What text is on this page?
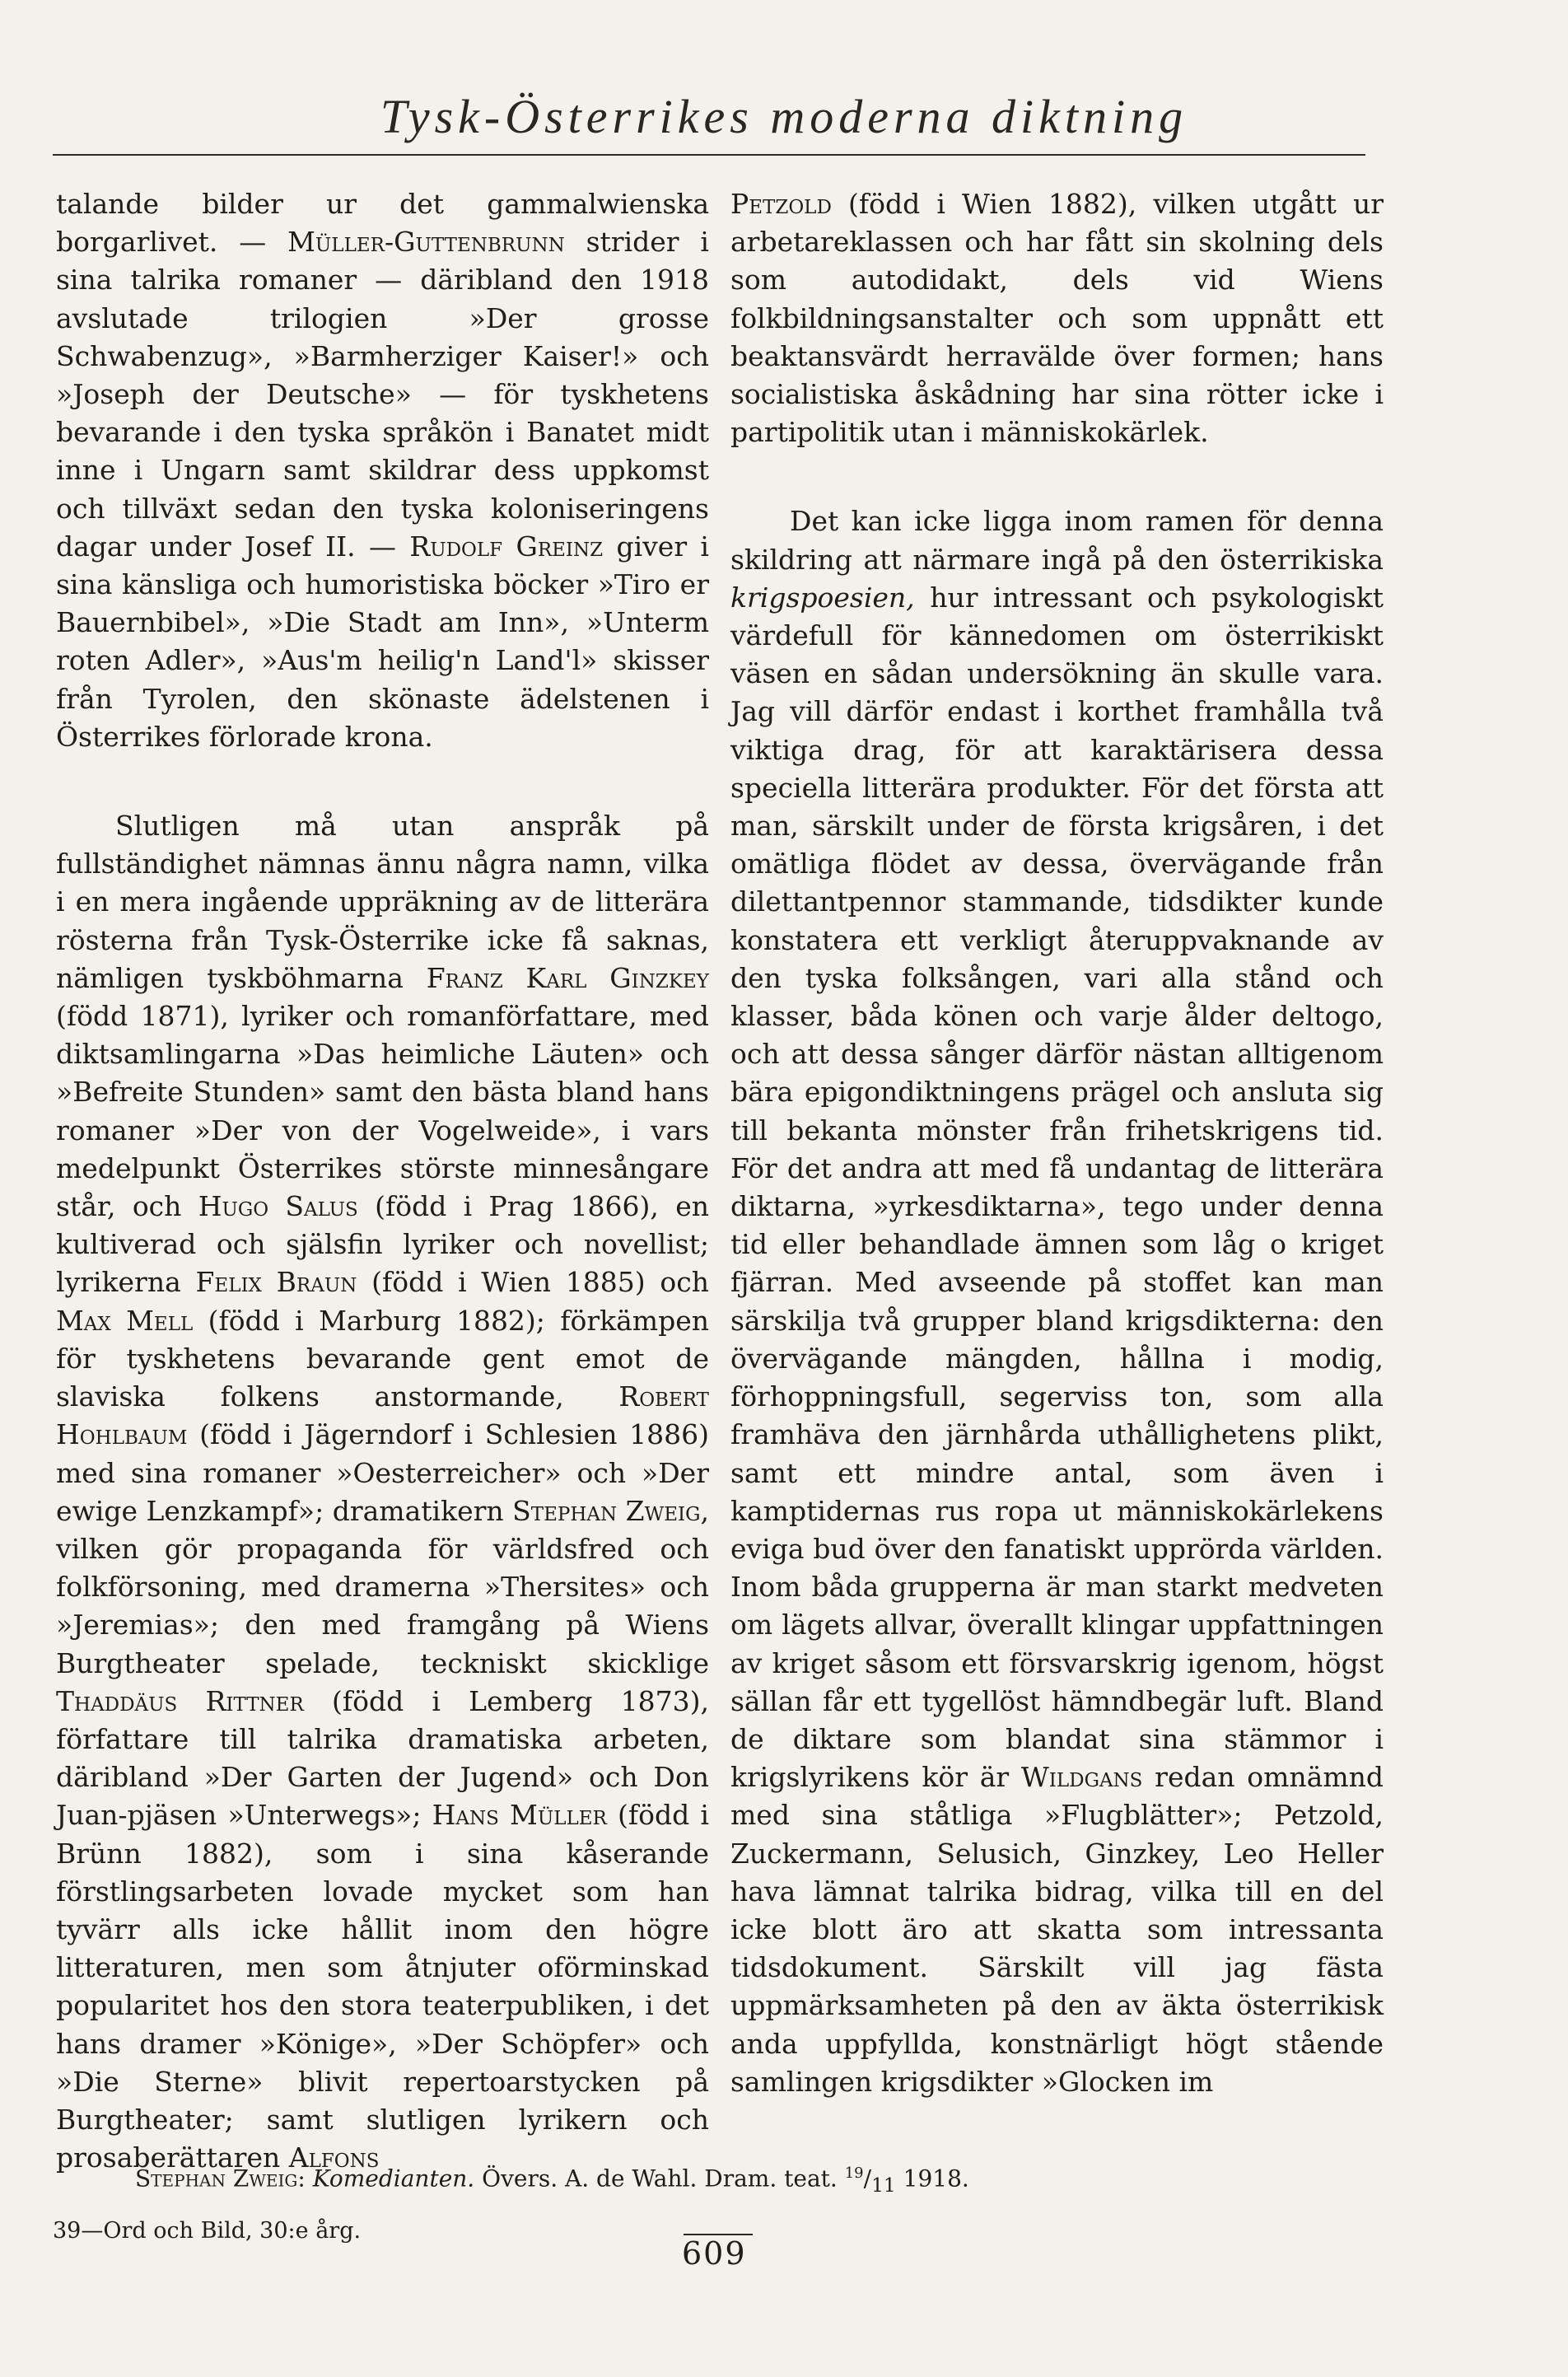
Tysk-Österrikes moderna diktning

talande bilder ur det gammalwienska borgarlivet. — Müller-Guttenbrunn strider i sina talrika romaner — däribland den 1918 avslutade trilogien »Der grosse Schwabenzug», »Barmherziger Kaiser!» och »Joseph der Deutsche» — för tyskhetens bevarande i den tyska språkön i Banatet midt inne i Ungarn samt skildrar dess uppkomst och tillväxt sedan den tyska koloniseringens dagar under Josef II. — Rudolf Greinz giver i sina känsliga och humoristiska böcker »Tiro er Bauernbibel», »Die Stadt am Inn», »Unterm roten Adler», »Aus'm heilig'n Land'l» skisser från Tyrolen, den skönaste ädelstenen i Österrikes förlorade krona.

Slutligen må utan anspråk på fullständighet nämnas ännu några namn, vilka i en mera ingående uppräkning av de litterära rösterna från Tysk-Österrike icke få saknas, nämligen tyskböhmarna Franz Karl Ginzkey (född 1871), lyriker och romanförfattare, med diktsamlingarna »Das heimliche Läuten» och »Befreite Stunden» samt den bästa bland hans romaner »Der von der Vogelweide», i vars medelpunkt Österrikes störste minnesångare står, och Hugo Salus (född i Prag 1866), en kultiverad och själsfin lyriker och novellist; lyrikerna Felix Braun (född i Wien 1885) och Max Mell (född i Marburg 1882); förkämpen för tyskhetens bevarande gent emot de slaviska folkens anstormande, Robert Hohlbaum (född i Jägerndorf i Schlesien 1886) med sina romaner »Oesterreicher» och »Der ewige Lenzkampf»; dramatikern Stephan Zweig, vilken gör propaganda för världsfred och folkförsoning, med dramerna »Thersites» och »Jeremias»; den med framgång på Wiens Burgtheater spelade, teckniskt skicklige Thaddäus Rittner (född i Lemberg 1873), författare till talrika dramatiska arbeten, däribland »Der Garten der Jugend» och Don Juan-pjäsen »Unterwegs»; Hans Müller (född i Brünn 1882), som i sina kåserande förstlingsarbeten lovade mycket som han tyvärr alls icke hållit inom den högre litteraturen, men som åtnjuter oförminskad popularitet hos den stora teaterpubliken, i det hans dramer »Könige», »Der Schöpfer» och »Die Sterne» blivit repertoarstycken på Burgtheater; samt slutligen lyrikern och prosaberättaren Alfons

Petzold (född i Wien 1882), vilken utgått ur arbetareklassen och har fått sin skolning dels som autodidakt, dels vid Wiens folkbildningsanstalter och som uppnått ett beaktansvärdt herravälde över formen; hans socialistiska åskådning har sina rötter icke i partipolitik utan i människokärlek.

Det kan icke ligga inom ramen för denna skildring att närmare ingå på den österrikiska krigspoesien, hur intressant och psykologiskt värdefull för kännedomen om österrikiskt väsen en sådan undersökning än skulle vara. Jag vill därför endast i korthet framhålla två viktiga drag, för att karaktärisera dessa speciella litterära produkter. För det första att man, särskilt under de första krigsåren, i det omätliga flödet av dessa, övervägande från dilettantpennor stammande, tidsdikter kunde konstatera ett verkligt återuppvaknande av den tyska folksången, vari alla stånd och klasser, båda könen och varje ålder deltogo, och att dessa sånger därför nästan alltigenom bära epigondiktningens prägel och ansluta sig till bekanta mönster från frihetskrigens tid. För det andra att med få undantag de litterära diktarna, »yrkesdiktarna», tego under denna tid eller behandlade ämnen som låg o kriget fjärran. Med avseende på stoffet kan man särskilja två grupper bland krigsdikterna: den övervägande mängden, hållna i modig, förhoppningsfull, segerviss ton, som alla framhäva den järnhårda uthållighetens plikt, samt ett mindre antal, som även i kamptidernas rus ropa ut människokärlekens eviga bud över den fanatiskt upprörda världen. Inom båda grupperna är man starkt medveten om lägets allvar, överallt klingar uppfattningen av kriget såsom ett försvarskrig igenom, högst sällan får ett tygellöst hämndbegär luft. Bland de diktare som blandat sina stämmor i krigslyrikens kör är Wildgans redan omnämnd med sina ståtliga »Flugblätter»; Petzold, Zuckermann, Selusich, Ginzkey, Leo Heller hava lämnat talrika bidrag, vilka till en del icke blott äro att skatta som intressanta tidsdokument. Särskilt vill jag fästa uppmärksamheten på den av äkta österrikisk anda uppfyllda, konstnärligt högt stående samlingen krigsdikter »Glocken im

Stephan Zweig: Komedianten. Övers. A. de Wahl. Dram. teat. $^{19}/_{11}$ 1918.
39—Ord och Bild, 30:e årg.
609
